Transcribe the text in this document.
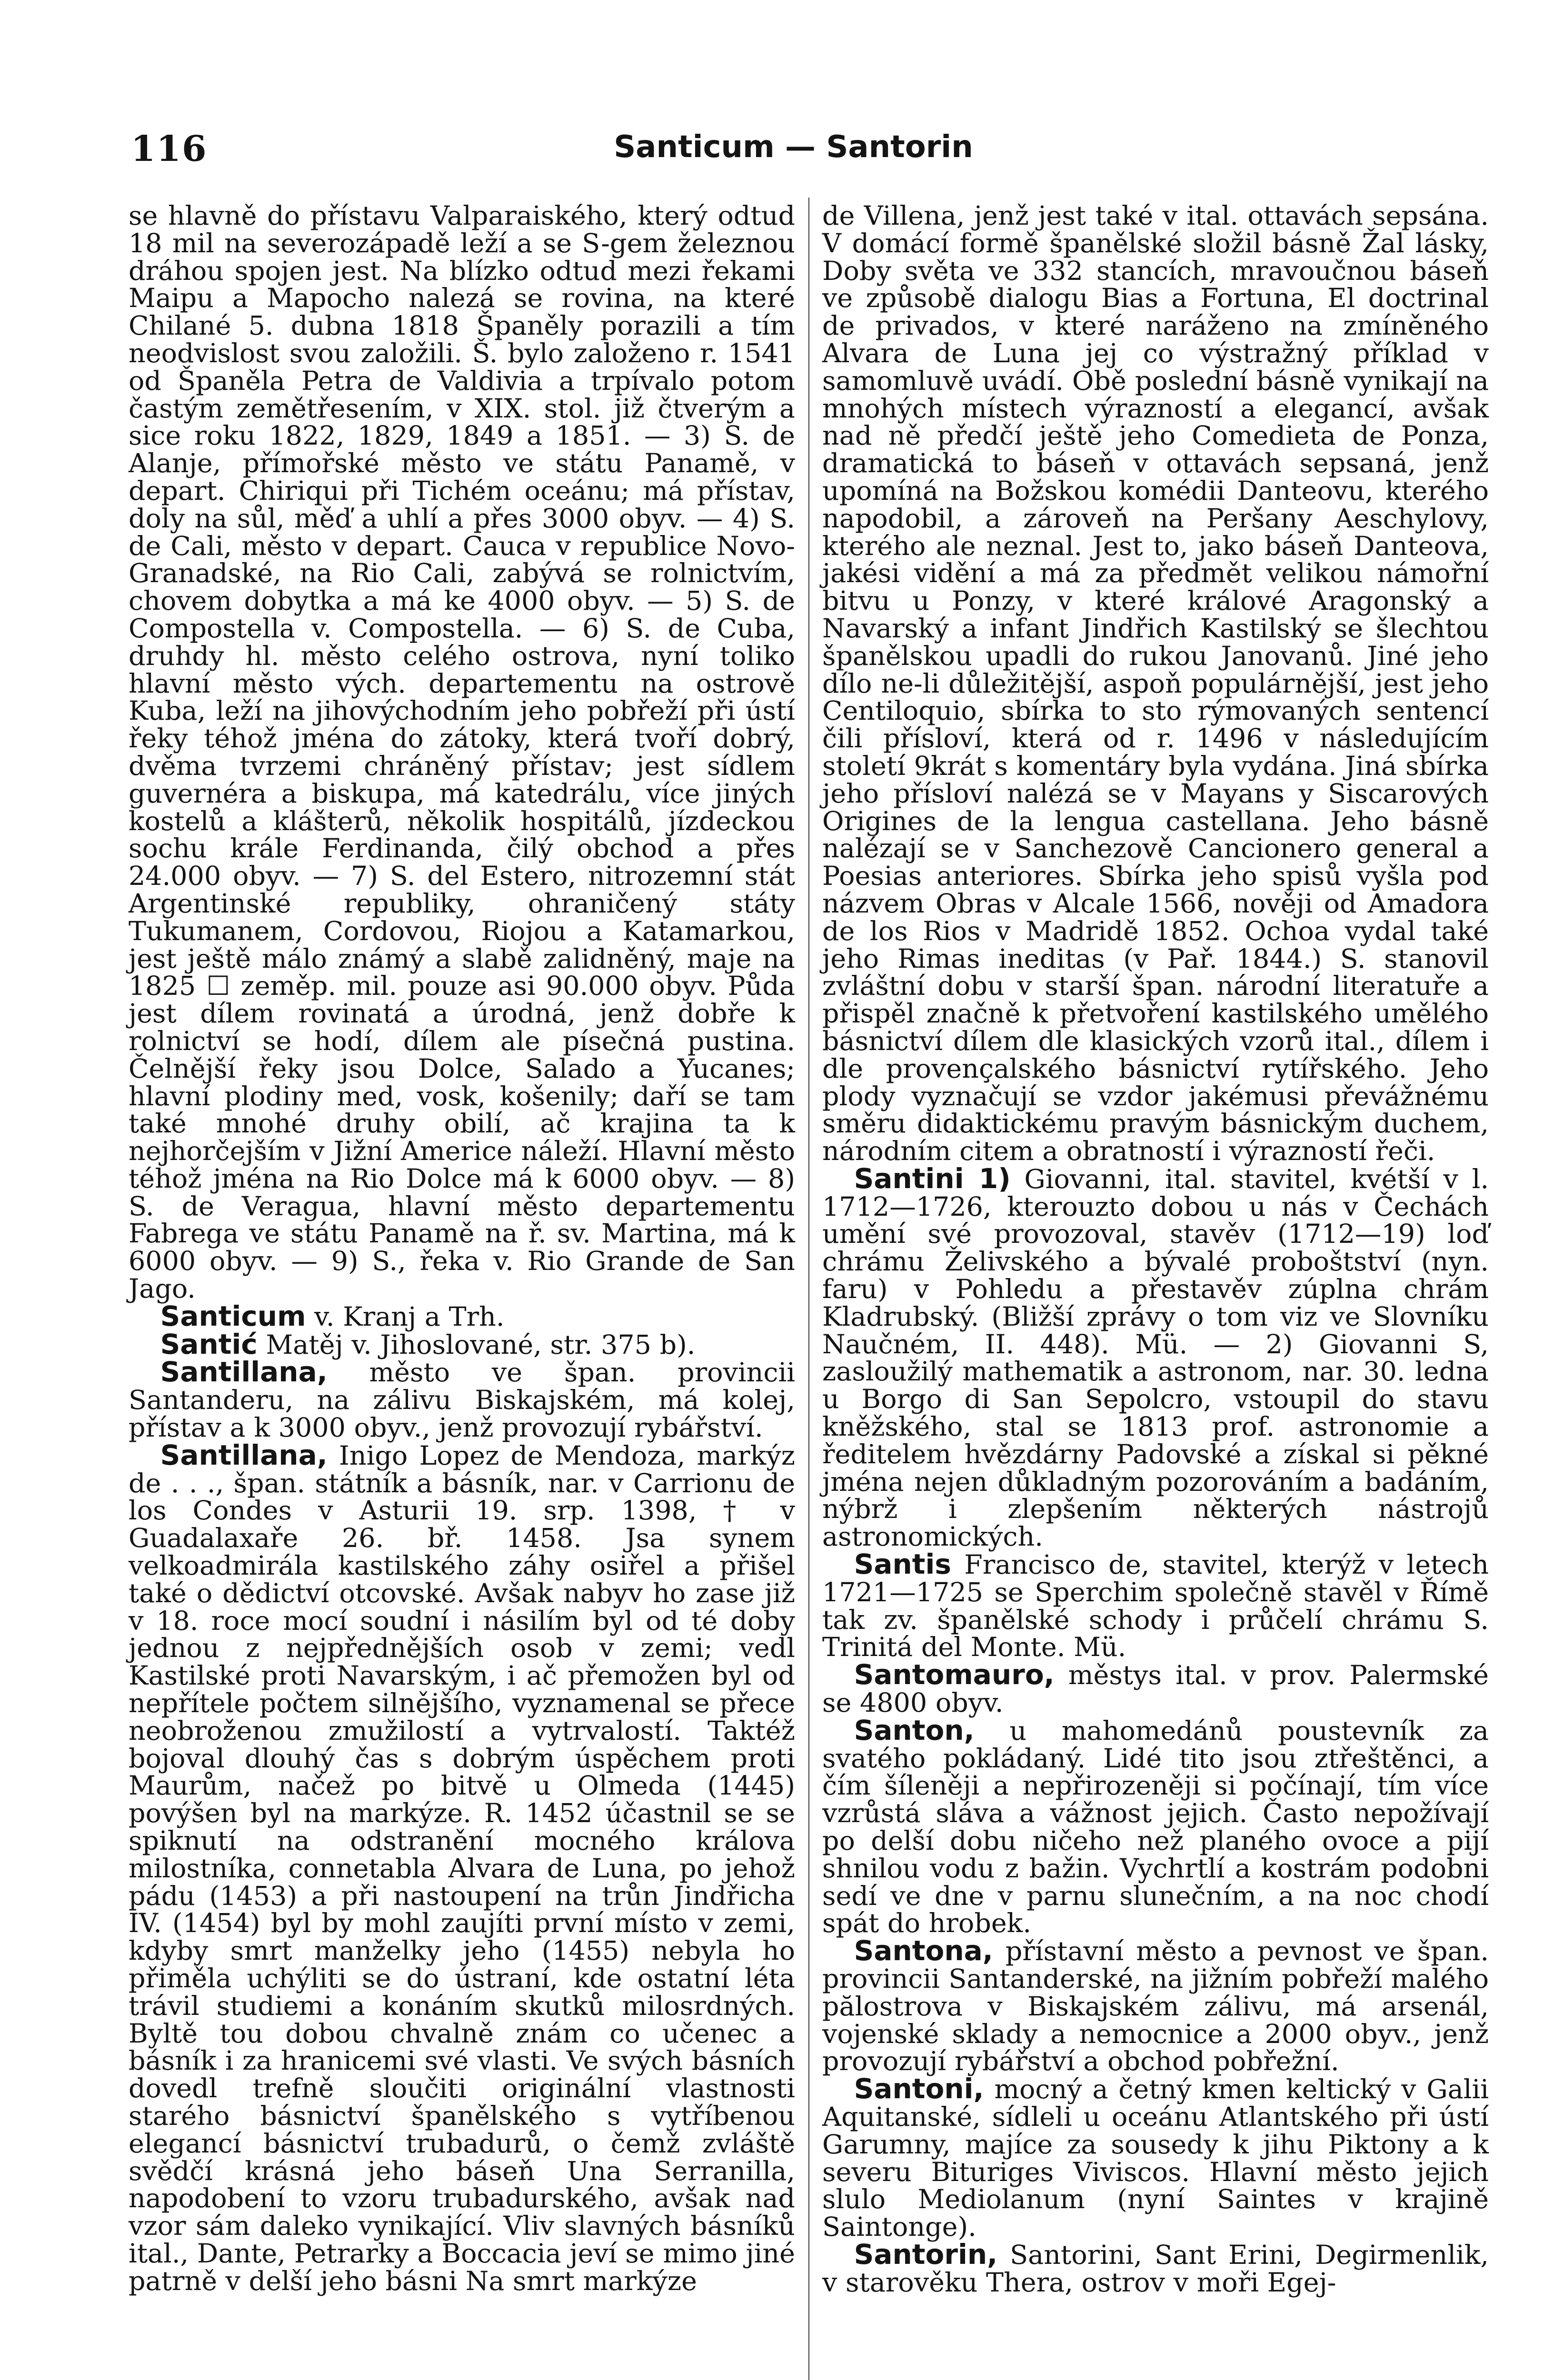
116	Santicum — Santorin

se hlavně do přístavu Valparaiského, který odtud 18 mil na severozápadě leží a se S-gem železnou dráhou spojen jest. Na blízko odtud mezi řekami Maipu a Mapocho nalezá se rovina, na které Chilané 5. dubna 1818 Španěly porazili a tím neodvislost svou založili. Š. bylo založeno r. 1541 od Španěla Petra de Valdivia a trpívalo potom častým zemětřesením, v XIX. stol. již čtverým a sice roku 1822, 1829, 1849 a 1851. — 3) S. de Alanje, přímořské město ve státu Panamě, v depart. Chiriqui při Tichém oceánu; má přístav, doly na sůl, měď a uhlí a přes 3000 obyv. — 4) S. de Cali, město v depart. Cauca v republice Novo-Granadské, na Rio Cali, zabývá se rolnictvím, chovem dobytka a má ke 4000 obyv. — 5) S. de Compostella v. Compostella. — 6) S. de Cuba, druhdy hl. město celého ostrova, nyní toliko hlavní město vých. departementu na ostrově Kuba, leží na jihovýchodním jeho pobřeží při ústí řeky téhož jména do zátoky, která tvoří dobrý, dvěma tvrzemi chráněný přístav; jest sídlem guvernéra a biskupa, má katedrálu, více jiných kostelů a klášterů, několik hospitálů, jízdeckou sochu krále Ferdinanda, čilý obchod a přes 24.000 obyv. — 7) S. del Estero, nitrozemní stát Argentinské republiky, ohraničený státy Tukumanem, Cordovou, Riojou a Katamarkou, jest ještě málo známý a slabě zalidněný, maje na 1825 ☐ zeměp. mil. pouze asi 90.000 obyv. Půda jest dílem rovinatá a úrodná, jenž dobře k rolnictví se hodí, dílem ale písečná pustina. Čelnější řeky jsou Dolce, Salado a Yucanes; hlavní plodiny med, vosk, košenily; daří se tam také mnohé druhy obilí, ač krajina ta k nejhorčejším v Jižní Americe náleží. Hlavní město téhož jména na Rio Dolce má k 6000 obyv. — 8) S. de Veragua, hlavní město departementu Fabrega ve státu Panamě na ř. sv. Martina, má k 6000 obyv. — 9) S., řeka v. Rio Grande de San Jago.

Santicum v. Kranj a Trh.

Santić Matěj v. Jihoslované, str. 375 b).

Santillana, město ve špan. provincii Santanderu, na zálivu Biskajském, má kolej, přístav a k 3000 obyv., jenž provozují rybářství.

Santillana, Inigo Lopez de Mendoza, markýz de . . ., špan. státník a básník, nar. v Carrionu de los Condes v Asturii 19. srp. 1398, † v Guadalaxaře 26. bř. 1458. Jsa synem velkoadmirála kastilského záhy osiřel a přišel také o dědictví otcovské. Avšak nabyv ho zase již v 18. roce mocí soudní i násilím byl od té doby jednou z nejpřednějších osob v zemi; vedl Kastilské proti Navarským, i ač přemožen byl od nepřítele počtem silnějšího, vyznamenal se přece neobroženou zmužilostí a vytrvalostí. Taktéž bojoval dlouhý čas s dobrým úspěchem proti Maurům, načež po bitvě u Olmeda (1445) povýšen byl na markýze. R. 1452 účastnil se se spiknutí na odstranění mocného králova milostníka, connetabla Alvara de Luna, po jehož pádu (1453) a při nastoupení na trůn Jindřicha IV. (1454) byl by mohl zaujíti první místo v zemi, kdyby smrt manželky jeho (1455) nebyla ho přiměla uchýliti se do ústraní, kde ostatní léta trávil studiemi a konáním skutků milosrdných. Byltě tou dobou chvalně znám co učenec a básník i za hranicemi své vlasti. Ve svých básních dovedl trefně sloučiti originální vlastnosti starého básnictví španělského s vytříbenou elegancí básnictví trubadurů, o čemž zvláště svědčí krásná jeho báseň Una Serranilla, napodobení to vzoru trubadurského, avšak nad vzor sám daleko vynikající. Vliv slavných básníků ital., Dante, Petrarky a Boccacia jeví se mimo jiné patrně v delší jeho básni Na smrt markýze

de Villena, jenž jest také v ital. ottavách sepsána. V domácí formě španělské složil básně Žal lásky, Doby světa ve 332 stancích, mravoučnou báseň ve způsobě dialogu Bias a Fortuna, El doctrinal de privados, v které naráženo na zmíněného Alvara de Luna jej co výstražný příklad v samomluvě uvádí. Obě poslední básně vynikají na mnohých místech výrazností a elegancí, avšak nad ně předčí ještě jeho Comedieta de Ponza, dramatická to báseň v ottavách sepsaná, jenž upomíná na Božskou komédii Danteovu, kterého napodobil, a zároveň na Peršany Aeschylovy, kterého ale neznal. Jest to, jako báseň Danteova, jakési vidění a má za předmět velikou námořní bitvu u Ponzy, v které králové Aragonský a Navarský a infant Jindřich Kastilský se šlechtou španělskou upadli do rukou Janovanů. Jiné jeho dílo ne-li důležitější, aspoň populárnější, jest jeho Centiloquio, sbírka to sto rýmovaných sentencí čili přísloví, která od r. 1496 v následujícím století 9krát s komentáry byla vydána. Jiná sbírka jeho přísloví nalézá se v Mayans y Siscarových Origines de la lengua castellana. Jeho básně nalézají se v Sanchezově Cancionero general a Poesias anteriores. Sbírka jeho spisů vyšla pod názvem Obras v Alcale 1566, nověji od Amadora de los Rios v Madridě 1852. Ochoa vydal také jeho Rimas ineditas (v Pař. 1844.) S. stanovil zvláštní dobu v starší špan. národní literatuře a přispěl značně k přetvoření kastilského umělého básnictví dílem dle klasických vzorů ital., dílem i dle provençalského básnictví rytířského. Jeho plody vyznačují se vzdor jakémusi převážnému směru didaktickému pravým básnickým duchem, národním citem a obratností i výrazností řeči.

Santini 1) Giovanni, ital. stavitel, kvétší v l. 1712—1726, kterouzto dobou u nás v Čechách umění své provozoval, stavěv (1712—19) loď chrámu Želivského a bývalé proboštství (nyn. faru) v Pohledu a přestavěv zúplna chrám Kladrubský. (Bližší zprávy o tom viz ve Slovníku Naučném, II. 448). Mü. — 2) Giovanni S, zasloužilý mathematik a astronom, nar. 30. ledna u Borgo di San Sepolcro, vstoupil do stavu kněžského, stal se 1813 prof. astronomie a ředitelem hvězdárny Padovské a získal si pěkné jména nejen důkladným pozorováním a badáním, nýbrž i zlepšením některých nástrojů astronomických.

Santis Francisco de, stavitel, kterýž v letech 1721—1725 se Sperchim společně stavěl v Římě tak zv. španělské schody i průčelí chrámu S. Trinitá del Monte. Mü.

Santomauro, městys ital. v prov. Palermské se 4800 obyv.

Santon, u mahomedánů poustevník za svatého pokládaný. Lidé tito jsou ztřeštěnci, a čím šíleněji a nepřirozeněji si počínají, tím více vzrůstá sláva a vážnost jejich. Často nepožívají po delší dobu ničeho než planého ovoce a pijí shnilou vodu z bažin. Vychrtlí a kostrám podobni sedí ve dne v parnu slunečním, a na noc chodí spát do hrobek.

Santona, přístavní město a pevnost ve špan. provincii Santanderské, na jižním pobřeží malého pălostrova v Biskajském zálivu, má arsenál, vojenské sklady a nemocnice a 2000 obyv., jenž provozují rybářství a obchod pobřežní.

Santoni, mocný a četný kmen keltický v Galii Aquitanské, sídleli u oceánu Atlantského při ústí Garumny, majíce za sousedy k jihu Piktony a k severu Bituriges Viviscos. Hlavní město jejich slulo Mediolanum (nyní Saintes v krajině Saintonge).

Santorin, Santorini, Sant Erini, Degirmenlik, v starověku Thera, ostrov v moři Egej-
